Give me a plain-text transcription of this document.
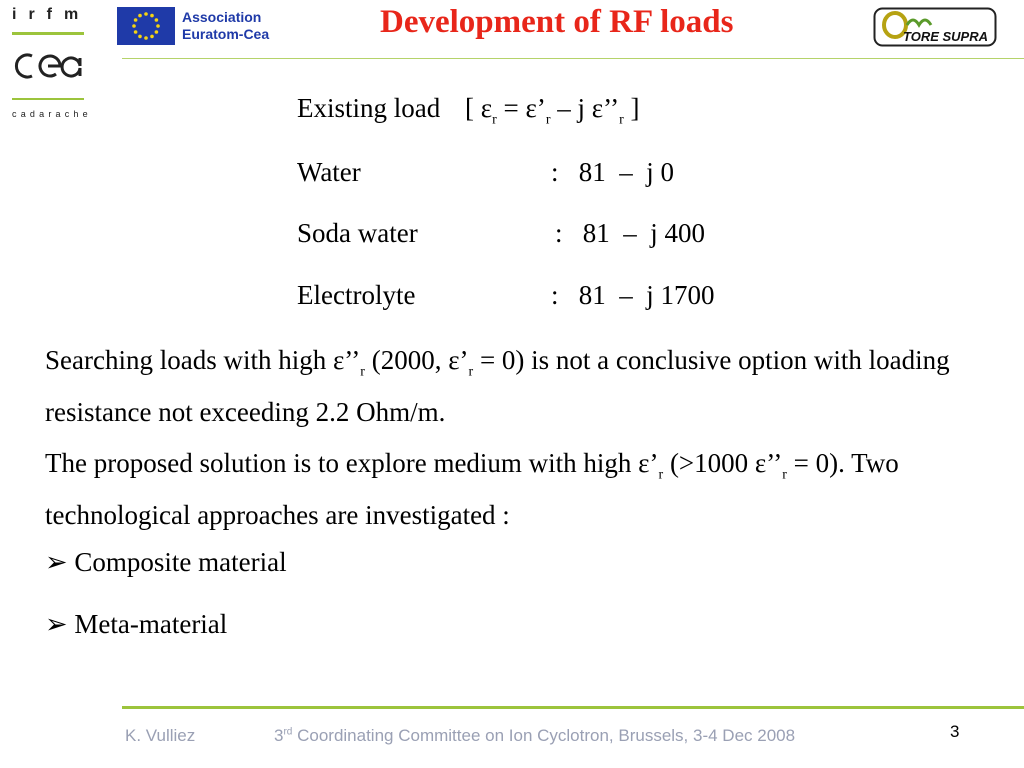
irfm
cadarache
Association
Euratom-Cea	Development of RF loads	TORE SUPRA
Existing load [ $\varepsilon_r$ = $\varepsilon’_r$ – j $\varepsilon’’_r$ ]
Water	: 81  –  j 0
Soda water	: 81  –  j 400
Electrolyte	: 81  –  j 1700
Searching loads with high $\varepsilon’’_r$ (2000, $\varepsilon’_r = 0$) is not a conclusive option with loading resistance not exceeding 2.2 Ohm/m.
The proposed solution is to explore medium with high $\varepsilon’_r$ (>1000 $\varepsilon’’_r = 0$). Two technological approaches are investigated :
➢ Composite material
➢ Meta-material
K. Vulliez	3rd Coordinating Committee on Ion Cyclotron, Brussels, 3-4 Dec 2008	3
